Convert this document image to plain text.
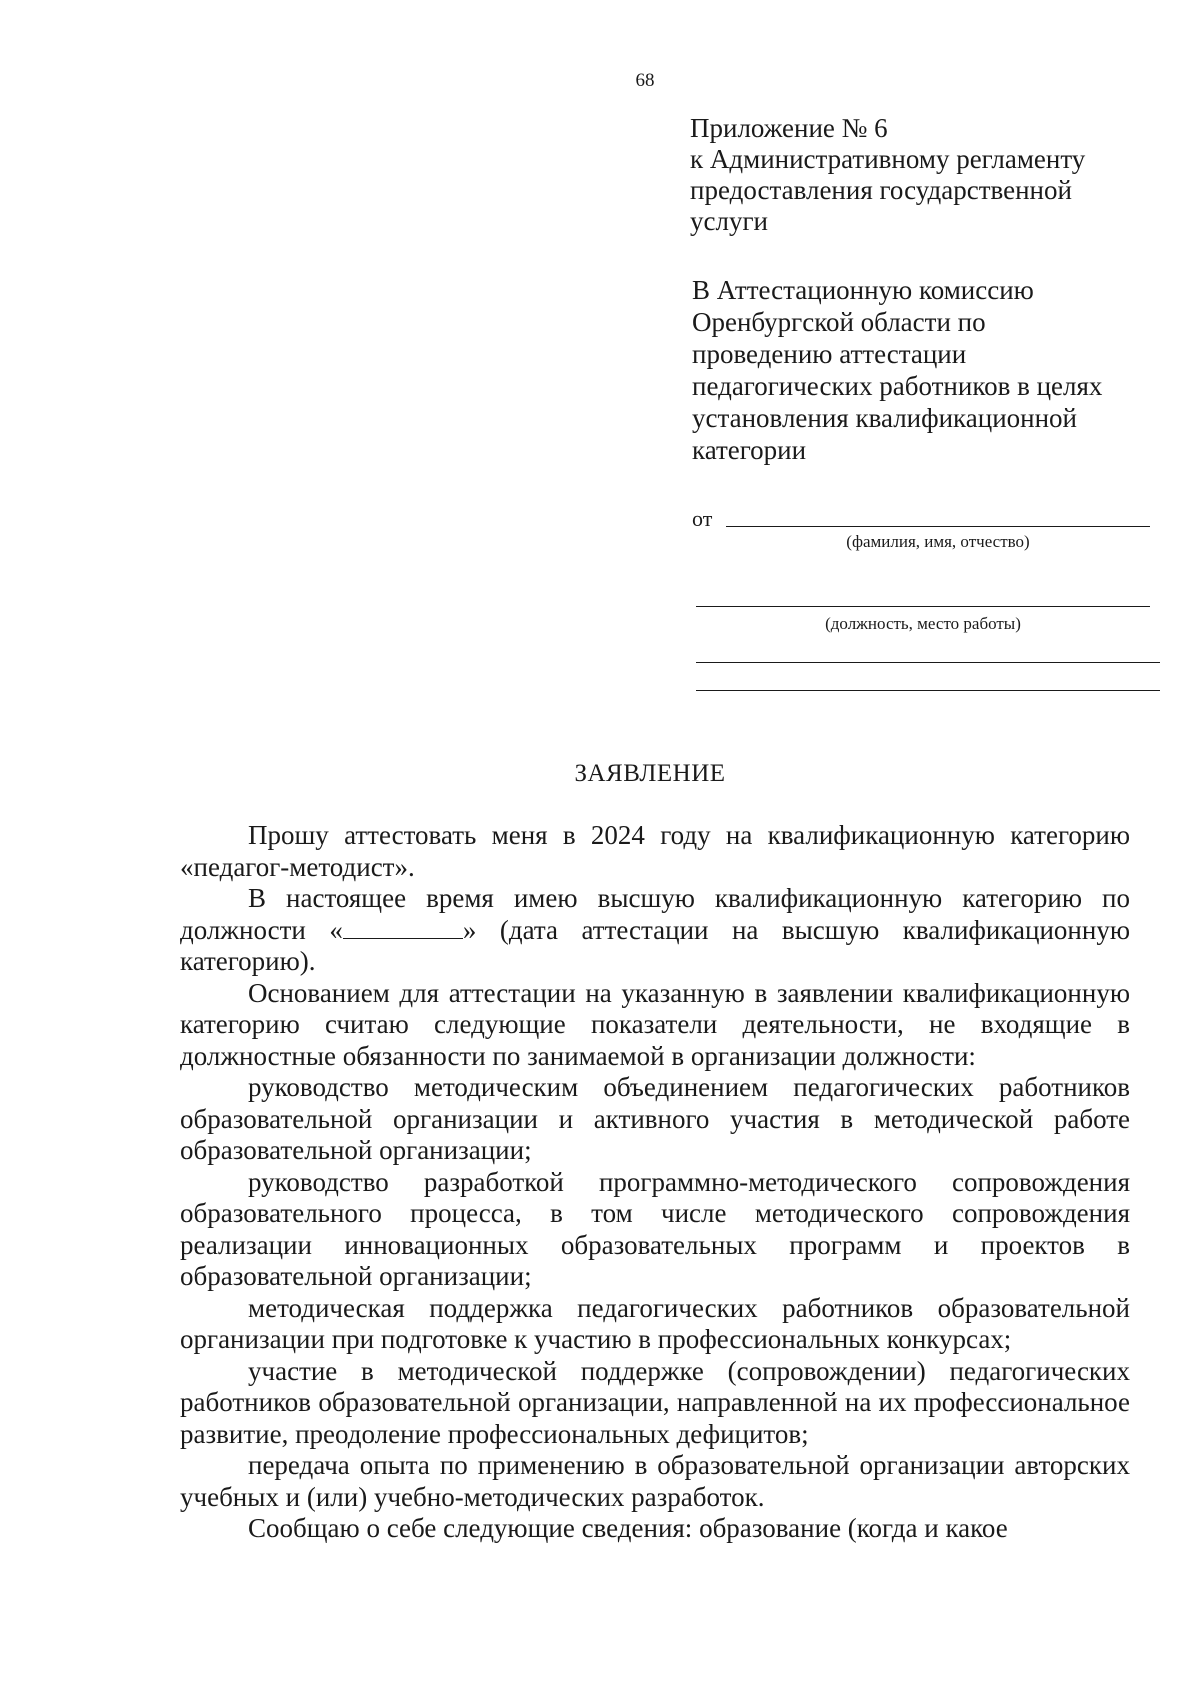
68
Приложение № 6
к Административному регламенту
предоставления государственной
услуги
В Аттестационную комиссию
Оренбургской области по
проведению аттестации
педагогических работников в целях
установления квалификационной
категории
от
(фамилия, имя, отчество)
(должность, место работы)
ЗАЯВЛЕНИЕ

Прошу аттестовать меня в 2024 году на квалификационную категорию «педагог-методист».

В настоящее время имею высшую квалификационную категорию по должности «	» (дата аттестации на высшую квалификационную категорию).

Основанием для аттестации на указанную в заявлении квалификационную категорию считаю следующие показатели деятельности, не входящие в должностные обязанности по занимаемой в организации должности:

руководство методическим объединением педагогических работников образовательной организации и активного участия в методической работе образовательной организации;

руководство разработкой программно-методического сопровождения образовательного процесса, в том числе методического сопровождения реализации инновационных образовательных программ и проектов в образовательной организации;

методическая поддержка педагогических работников образовательной организации при подготовке к участию в профессиональных конкурсах;

участие в методической поддержке (сопровождении) педагогических работников образовательной организации, направленной на их профессиональное развитие, преодоление профессиональных дефицитов;

передача опыта по применению в образовательной организации авторских учебных и (или) учебно-методических разработок.

Сообщаю о себе следующие сведения: образование (когда и какое
